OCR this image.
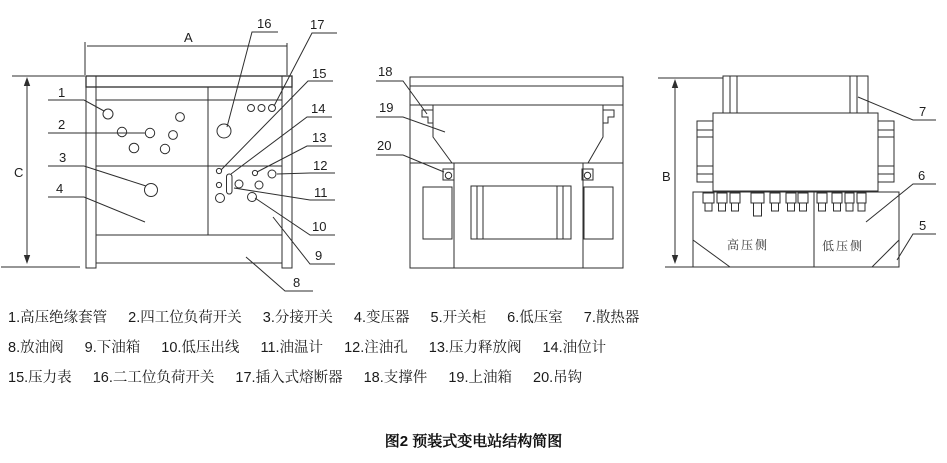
C
A
1
2
3
4
16	17
15
14
13
12
11
10
9
8
18
19
20
B
高压侧	低压侧
7
6
5
1.高压绝缘套管 2.四工位负荷开关 3.分接开关 4.变压器 5.开关柜 6.低压室 7.散热器
8.放油阀 9.下油箱 10.低压出线 11.油温计 12.注油孔 13.压力释放阀 14.油位计
15.压力表 16.二工位负荷开关 17.插入式熔断器 18.支撑件 19.上油箱 20.吊钩
图2 预装式变电站结构简图
